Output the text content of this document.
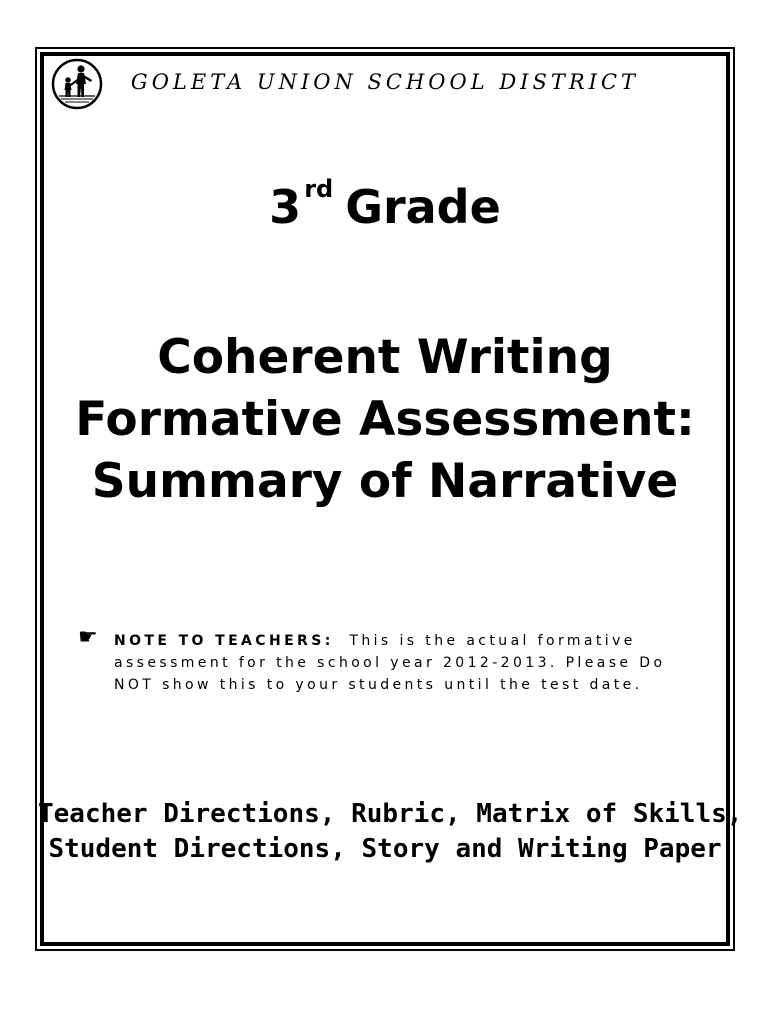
GOLETA UNION SCHOOL DISTRICT
3 $^{rd}$ Grade
Coherent Writing
Formative Assessment:
Summary of Narrative
☛ NOTE TO TEACHERS: This is the actual formative assessment for the school year 2012-2013. Please Do NOT show this to your students until the test date.
Teacher Directions, Rubric, Matrix of Skills,
Student Directions, Story and Writing Paper
